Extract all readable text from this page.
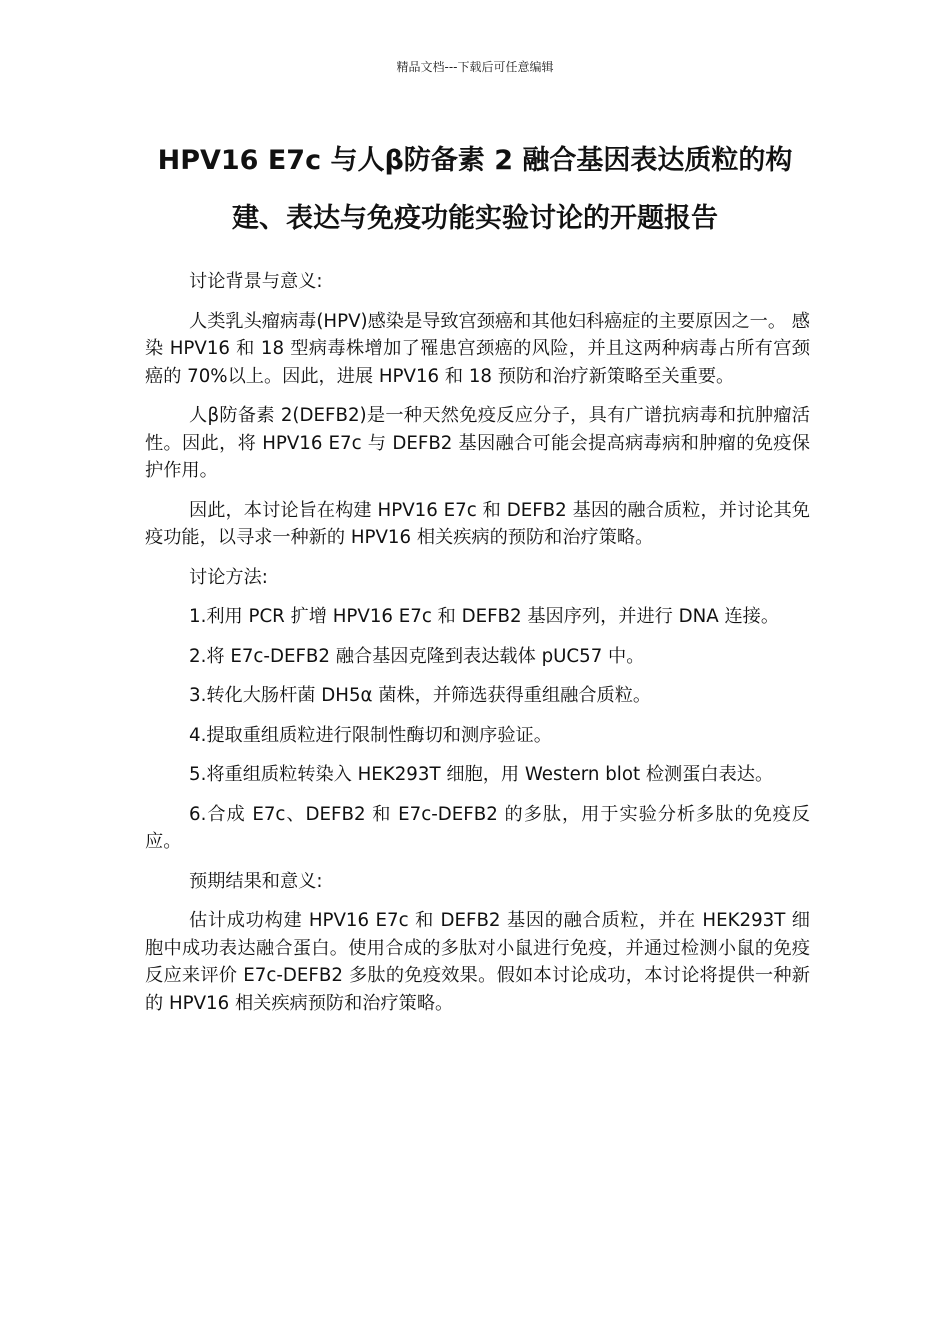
精品文档---下载后可任意编辑
HPV16 E7c 与人β防备素 2 融合基因表达质粒的构
建、表达与免疫功能实验讨论的开题报告

讨论背景与意义:

人类乳头瘤病毒(HPV)感染是导致宫颈癌和其他妇科癌症的主要原因之一。 感染 HPV16 和 18 型病毒株增加了罹患宫颈癌的风险，并且这两种病毒占所有宫颈癌的 70%以上。因此，进展 HPV16 和 18 预防和治疗新策略至关重要。

人β防备素 2(DEFB2)是一种天然免疫反应分子，具有广谱抗病毒和抗肿瘤活性。因此，将 HPV16 E7c 与 DEFB2 基因融合可能会提高病毒病和肿瘤的免疫保护作用。

因此，本讨论旨在构建 HPV16 E7c 和 DEFB2 基因的融合质粒，并讨论其免疫功能，以寻求一种新的 HPV16 相关疾病的预防和治疗策略。

讨论方法:

1.利用 PCR 扩增 HPV16 E7c 和 DEFB2 基因序列，并进行 DNA 连接。

2.将 E7c-DEFB2 融合基因克隆到表达载体 pUC57 中。

3.转化大肠杆菌 DH5α 菌株，并筛选获得重组融合质粒。

4.提取重组质粒进行限制性酶切和测序验证。

5.将重组质粒转染入 HEK293T 细胞，用 Western blot 检测蛋白表达。

6.合成 E7c、DEFB2 和 E7c-DEFB2 的多肽，用于实验分析多肽的免疫反应。

预期结果和意义:

估计成功构建 HPV16 E7c 和 DEFB2 基因的融合质粒，并在 HEK293T 细胞中成功表达融合蛋白。使用合成的多肽对小鼠进行免疫，并通过检测小鼠的免疫反应来评价 E7c-DEFB2 多肽的免疫效果。假如本讨论成功，本讨论将提供一种新的 HPV16 相关疾病预防和治疗策略。
